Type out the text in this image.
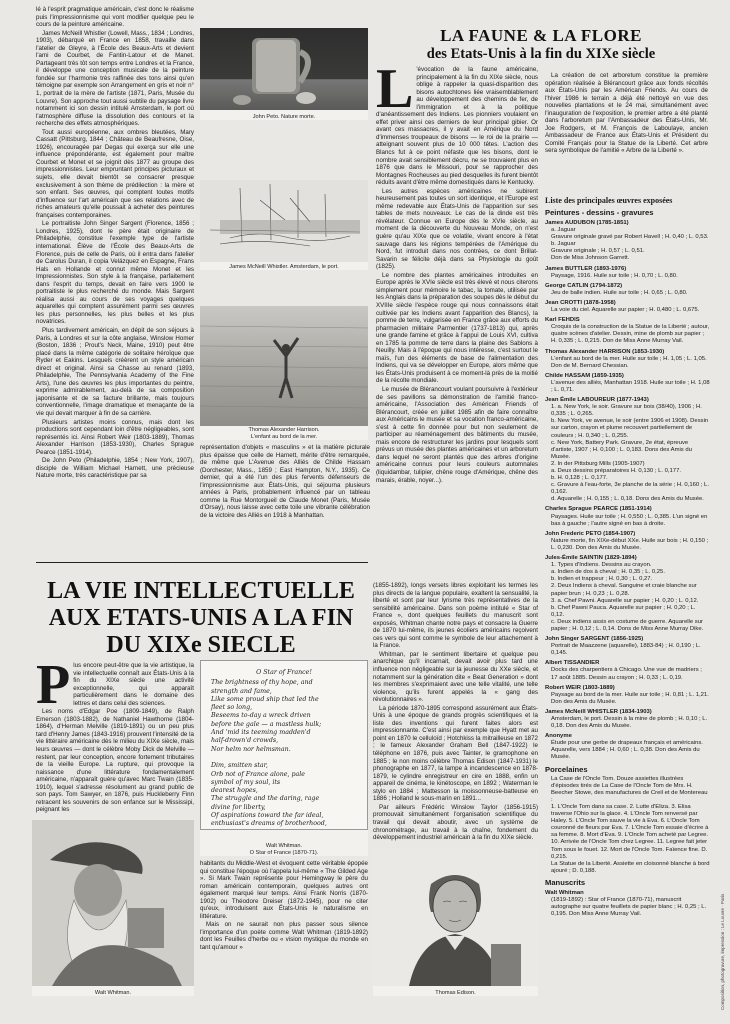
lé à l'esprit pragmatique américain, c'est donc le réalisme puis l'impressionnisme qui vont modifier quelque peu le cours de la peinture américaine.

James McNeill Whistler (Lowell, Mass., 1834 ; Londres, 1903), débarqué en France en 1858, travaille dans l'atelier de Gleyre, à l'École des Beaux-Arts et devient l'ami de Courbet, de Fantin-Latour et de Manet. Partageant très tôt son temps entre Londres et la France, il développe une conception musicale de la peinture fondée sur l'harmonie très raffinée des tons ainsi qu'en témoigne par exemple son Arrangement en gris et noir n° 1, portrait de la mère de l'artiste (1871, Paris, Musée du Louvre). Son approche tout aussi subtile du paysage livre notamment ici son dessin intitulé Amsterdam, le port où l'atmosphère diffuse la dissolution des contours et la recherche des effets atmosphériques.

Tout aussi européenne, aux ombres bleutées, Mary Cassatt (Pittsburg, 1844 ; Château de Beaufresne, Oise, 1926), encouragée par Degas qui exerça sur elle une influence prépondérante, est également pour maître Courbet et Monet et se joignit dès 1877 au groupe des impressionnistes. Leur empruntant principes picturaux et sujets, elle devait bientôt se consacrer presque exclusivement à son thème de prédilection : la mère et son enfant. Ses œuvres, qui comptent toutes motifs d'influence sur l'art américain que ses relations avec de riches amateurs qu'elle poussait à acheter des peintures françaises contemporaines.

Le portraitiste John Singer Sargent (Florence, 1856 ; Londres, 1925), dont le père était originaire de Philadelphie, constitue l'exemple type de l'artiste international. Élève de l'École des Beaux-Arts de Florence, puis de celle de Paris, où il entra dans l'atelier de Carolus Duran, il copia Velázquez en Espagne, Frans Hals en Hollande et connut même Monet et les Impressionnistes. Son style à la française, parfaitement dans l'esprit du temps, devait en faire vers 1900 le portraitiste le plus recherché du monde. Mais Sargent réalisa aussi au cours de ses voyages quelques aquarelles qui comptent assurément parmi ses œuvres les plus personnelles, les plus belles et les plus novatrices.

Plus tardivement américain, en dépit de son séjours à Paris, à Londres et sur la côte anglaise, Winslow Homer (Boston, 1836 ; Prout's Neck, Maine, 1910) peut être placé dans la même catégorie de solitaire héroïque que Ryder et Eakins. Lesquels créèrent un style américain direct et original. Ainsi sa Chasse au renard (1893, Philadelphie, The Pennsylvania Academy of the Fine Arts), l'une des œuvres les plus importantes du peintre, exprime admirablement, au-delà de sa composition japonisante et de sa facture brillante, mais toujours conventionnelle, l'image dramatique et menaçante de la vie qui devait marquer à fin de sa carrière.

Plusieurs artistes moins connus, mais dont les productions sont cependant loin d'être négligeables, sont représentés ici. Ainsi Robert Weir (1803-1889), Thomas Alexander Harrison (1853-1930), Charles Sprague Pearce (1851-1914).

De John Peto (Philadelphie, 1854 ; New York, 1907), disciple de William Michael Harnett, une précieuse Nature morte, très caractéristique par sa

John Peto. Nature morte.
James McNeill Whistler. Amsterdam, le port.
Thomas Alexander Harrison.
L'enfant au bord de la mer.

représentation d'objets « masculins » et la matière picturale plus épaisse que celle de Harnett, mérite d'être remarquée, de même que L'Avenue des Alliés de Childe Hassam (Dorchester, Mass., 1859 ; East Hampton, N.Y., 1935). Ce dernier, qui a été l'un des plus fervents défenseurs de l'impressionnisme aux États-Unis, qui séjourna plusieurs années à Paris, probablement influencé par un tableau comme la Rue Montorgueil de Claude Monet (Paris, Musée d'Orsay), nous laisse avec cette toile une vibrante célébration de la victoire des Alliés en 1918 à Manhattan.

LA FAUNE & LA FLORE
des Etats-Unis à la fin du XIXe siècle
L 'évocation de la faune américaine, principalement à la fin du XIXe siècle, nous oblige à rappeler la quasi-disparition des bisons autochtones liée vraisemblablement au développement des chemins de fer, de l'immigration et à la politique d'anéantissement des Indiens. Les pionniers voulaient en effet priver ainsi ces derniers de leur principal gibier. Or avant ces massacres, il y avait en Amérique du Nord d'immenses troupeaux de bisons — le roi de la prairie — atteignant souvent plus de 10 000 têtes. L'action des Blancs fut à ce point néfaste que les bisons, dont le nombre avait sensiblement décru, ne se trouvaient plus en 1876 que dans le Missouri, pour se rapprocher des Montagnes Rocheuses au pied desquelles ils furent bientôt réduits avant d'être même domestiqués dans le Kentucky.

Les autres espèces américaines ne subirent heureusement pas toutes un sort identique, et l'Europe est même redevable aux États-Unis de l'apparition sur ses tables de mets nouveaux. Le cas de la dinde est très révélateur. Connue en Europe dès le XVIe siècle, au moment de la découverte du Nouveau Monde, on n'est guère qu'au XIXe que ce volatile, vivant encore à l'état sauvage dans les régions tempérées de l'Amérique du Nord, fut introduit dans nos contrées, ce dont Brillat-Savarin se félicite déjà dans sa Physiologie du goût (1825).

Le nombre des plantes américaines introduites en Europe après le XVIe siècle est très élevé et nous citerons simplement pour mémoire le tabac, la tomate, utilisée par les Anglais dans la préparation des soupes dès le début du XVIIIe siècle l'espèce rouge qui nous connaissons était cultivée par les Indiens avant l'apparition des Blancs), la pomme de terre, vulgarisée en France grâce aux efforts du pharmacien militaire Parmentier (1737-1813) qui, après une grande famine et grâce à l'appui de Louis XVI, cultiva en 1785 la pomme de terre dans la plaine des Sablons à Neuilly. Mais à l'époque qui nous intéresse, c'est surtout le maïs, l'un des éléments de base de l'alimentation des Indiens, qui va se développer en Europe, alors même que les États-Unis produisent à ce moment-là près de la moitié de la récolte mondiale.

Le musée de Blérancourt voulant poursuivre à l'extérieur de ses pavillons sa démonstration de l'amitié franco-américaine, l'Association des Américan Friends of Blérancourt, créée en juillet 1985 afin de faire connaître aux Américains le musée et sa vocation franco-américaine, s'est à cette fin donnée pour but non seulement de participer au réaménagement des bâtiments du musée, mais encore de restructurer les jardins pour lesquels sont prévus un musée des plantes américaines et un arboretum dans lequel ne seront plantés que des arbres d'origine américaine connus pour leurs couleurs automnales (liquidambar, tulipier, chêne rouge d'Amérique, chêne des marais, érable, noyer...).

La création de cet arboretum constitue la première opération réalisée à Blérancourt grâce aux fonds récoltés aux États-Unis par les Américan Friends. Au cours de l'hiver 1986 le terrain a déjà été nettoyé en vue des nouvelles plantations et le 24 mai, simultanément avec l'inauguration de l'exposition, le premier arbre a été planté dans l'arboretum par l'Ambassadeur des États-Unis, Mr. Joe Rodgers, et M. François de Laboulaye, ancien Ambassadeur de France aux États-Unis et Président du Comité Français pour la Statue de la Liberté. Cet arbre sera symbolique de l'amitié « Arbre de la Liberté ».

Liste des principales œuvres exposées
Peintures - dessins - gravures
James AUDUBON (1785-1851)
a. Jaguar
Gravure originale gravé par Robert Havell ; H. 0,40 ; L. 0,53.
b. Jaguar
Gravure originale ; H. 0,57 ; L. 0,51.
Don de Miss Johnson Garrett.
James BUTTLER (1893-1976)
Paysage, 1916. Huile sur toile ; H. 0,70 ; L. 0,80.
George CATLIN (1794-1872)
Jeu de balle indien. Huile sur toile ; H. 0,65 ; L. 0,80.
Jean CROTTI (1878-1958)
La voie du ciel. Aquarelle sur papier ; H. 0,480 ; L. 0,675.
Karl FEHDIS
Croquis de la construction de la Statue de la Liberté ; autour, quatre scènes d'atelier. Dessin, mine de plomb sur papier ; H. 0,335 ; L. 0,215. Don de Miss Anne Murray Vail.
Thomas Alexander HARRISON (1853-1930)
L'enfant au bord de la mer. Huile sur toile ; H. 1,05 ; L. 1,05. Don de M. Bernard Chessian.
Childe HASSAM (1859-1935)
L'avenue des alliés, Manhattan 1918. Huile sur toile ; H. 1,08 ; L. 0,71.
Jean Émile LABOUREUR (1877-1943)
1. a. New York, le soir. Gravure sur bois (38/40), 1906 ; H. 0,335 ; L. 0,265.
b. New York, ve avenue, le soir (entre 1906 et 1908). Dessin sur carton, crayon et plume recouvert partiellement de couleurs ; H. 0,340 ; L. 0,255.
c. New York, Battery Park. Gravure, 2e état, épreuve d'artiste, 1907 ; H. 0,100 ; L. 0,183. Dons des Amis du Musée.
2. In der Pittsburg Mills (1905-1907)
a. Deux dessins préparatoires H. 0,130 ; L. 0,177.
b. H. 0,128 ; L. 0,177.
c. Gravure à l'eau-forte, 3e planche de la série ; H. 0,160 ; L. 0,162.
d. Aquarelle ; H. 0,155 ; L. 0,18. Dons des Amis du Musée.
Charles Sprague PEARCE (1851-1914)
Paysages. Huile sur toile ; H. 0,550 ; L. 0,385. L'un signé en bas à gauche ; l'autre signé en bas à droite.
John Frederic PETO (1854-1907)
Nature morte, fin XIXe-début XXe. Huile sur bois ; H. 0,150 ; L. 0,230. Don des Amis du Musée.
Jules-Émile SAINTIN (1829-1894)
1. Types d'Indiens. Dessins au crayon.
a. Indien de dos à cheval ; H. 0,35 ; L. 0,25.
b. Indien et trappeur ; H. 0,30 ; L. 0,27.
2. Deux Indiens à cheval. Sanguine et craie blanche sur papier brun ; H. 0,23 ; L. 0,28.
3. a. Chef Pawni. Aquarelle sur papier ; H. 0,20 ; L. 0,12.
b. Chef Pawni Pauca. Aquarelle sur papier ; H. 0,20 ; L. 0,12.
c. Deux indiens assis en costume de guerre. Aquarelle sur papier ; H. 0,12 ; L. 0,14. Dons de Miss Anne Murray Dike.
John Singer SARGENT (1856-1925)
Portrait de Maazzene (aquarelle), 1883-84) ; H. 0,190 ; L. 0,145.
Albert TISSANDIER
Docks des charpentiers à Chicago. Une vue de madriers ; 17 août 1885. Dessin au crayon ; H. 0,33 ; L. 0,19.
Robert WEIR (1803-1889)
Paysage au bord de la mer. Huile sur toile ; H. 0,81 ; L. 1,21. Don des Amis du Musée.
James McNeill WHISTLER (1834-1903)
Amsterdam, le port. Dessin à la mine de plomb ; H. 0,10 ; L. 0,18. Don des Amis du Musée.
Anonyme
Étude pour une gerbe de drapeaux français et américains. Aquarelle, vers 1884 ; H. 0,60 ; L. 0,38. Don des Amis du Musée.
Porcelaines
La Case de l'Oncle Tom. Douze assiettes illustrées d'épisodes tirés de La Case de l'Oncle Tom de Mrs. H. Beecher Stowe, des manufactures de Creil et de Montereau :
1. L'Oncle Tom dans sa case. 2. Lutte d'Eliza. 3. Elisa traverse l'Ohio sur la glace. 4. L'Oncle Tom renversé par Haley. 5. L'Oncle Tom sauve la vie à Eva. 6. L'Oncle Tom couronné de fleurs par Eva. 7. L'Oncle Tom essaie d'écrire à sa femme. 8. Mort d'Eva. 9. L'Oncle Tom acheté par Legree. 10. Arrivée de l'Oncle Tom chez Legree. 11. Legree fait jeter Tom sous le fouet. 12. Mort de l'Oncle Tom. Faïence fine. D. 0,215.
La Statue de la Liberté. Assiette en cloisonné blanche à bord ajouré ; D. 0,188.
Manuscrits
Walt Whitman
(1819-1892) : Star of France (1870-71), manuscrit autographe sur quatre feuillets de papier blanc ; H. 0,25 ; L. 0,195. Don Miss Anne Murray Vail.
LA VIE INTELLECTUELLE
AUX ETATS-UNIS A LA FIN
DU XIXe SIECLE
P lus encore peut-être que la vie artistique, la vie intellectuelle connaît aux États-Unis à la fin du XIXe siècle une activité exceptionnelle, qui apparaît particulièrement dans le domaine des lettres et dans celui des sciences.

Les noms d'Edgar Poe (1809-1849), de Ralph Emerson (1803-1882), de Nathaniel Hawthorne (1804-1864), d'Herman Melville (1819-1891) ou un peu plus tard d'Henry James (1843-1916) prouvent l'intensité de la vie littéraire américaine dès le milieu du XIXe siècle, mais leurs œuvres — dont le célèbre Moby Dick de Melville — restent, par leur conception, encore fortement tributaires de la vieille Europe. La rupture, qui provoque la naissance d'une littérature fondamentalement américaine, n'apparaît guère qu'avec Marc Twain (1835-1910), lequel s'adresse résolument au grand public de son pays. Tom Sawyer, en 1876, puis Huckleberry Finn retracent les souvenirs de son enfance sur le Mississipi, peignant les

Walt Whitman.
O Star of France!
The brightness of thy hope, and
strength and fame,
Like some proud ship that led the
fleet so long,
Beseems to-day a wreck driven
before the gale — a mastless hulk;
And 'mid its teeming madden'd
half-drown'd crowds,
Nor helm nor helmsman.
Dim, smitten star,
Orb not of France alone, pale
symbol of my soul, its
dearest hopes,
The struggle and the daring, rage
divine for liberty,
Of aspirations toward the far ideal,
enthusiast's dreams of brotherhood,
Walt Whitman.
O Star of France (1870-71).

habitants du Middle-West et évoquent cette véritable épopée qui constitue l'époque où l'appela lui-même « The Gilded Age ». Si Mark Twain représente pour Hemingway le père du roman américain contemporain, quelques autres ont également marqué leur temps. Ainsi Frank Norris (1870-1902) ou Théodore Dreiser (1872-1945), pour ne citer qu'eux, introduisent aux États-Unis le naturalisme en littérature.

Mais on ne saurait non plus passer sous silence l'importance d'un poète comme Walt Whitman (1819-1892) dont les Feuilles d'herbe ou « vision mystique du monde en tant qu'amour »

(1855-1892), longs versets libres exploitant les termes les plus directs de la langue populaire, exaltent la sensualité, la liberté et sont par leur lyrisme très représentatives de la sensibilité américaine. Dans son poème intitulé « Star of France », dont quelques feuillets du manuscrit sont exposés, Whitman chante notre pays et consacre la Guerre de 1870 lui-même, ils jeunes écoliers américains reçoivent ces vers qui sont comme le symbole de leur attachement à la France.

Whitman, par le sentiment libertaire et quelque peu anarchique qu'il incarnait, devait avoir plus tard une influence non négligeable sur la jeunesse du XXe siècle, et notamment sur la génération dite « Beat Generation » dont les membres s'exprimaient avec une telle vitalité, une telle violence, qu'ils furent appelés la « gang des révolutionnaires ».

La période 1870-1895 correspond assurément aux États-Unis à une époque de grands progrès scientifiques et la liste des inventions qui furent faites alors est impressionnante. C'est ainsi par exemple que Hyatt met au point en 1870 le celluloïd ; Hotchkiss la mitrailleuse en 1872 ; le fameux Alexander Graham Bell (1847-1922) le téléphone en 1876, puis avec Tainter, le gramophone en 1885 ; le non moins célèbre Thomas Edison (1847-1931) le phonographe en 1877, la lampe à incandescence en 1878-1879, le cylindre enregistreur en cire en 1888, enfin un appareil de cinéma, le kinétoscope, en 1892 ; Waterman le stylo en 1884 ; Mattesson la moissonneuse-batteuse en 1886 ; Holland le sous-marin en 1891...

Par ailleurs Frédéric Winslow Taylor (1856-1915) promouvait simultanément l'organisation scientifique du travail qui devait aboutir, avec un système de chronométrage, au travail à la chaîne, fondement du développement industriel américain à la fin du XIXe siècle.

Thomas Edison.	Composition, photogravure, impression : Le Louvre · Paris
